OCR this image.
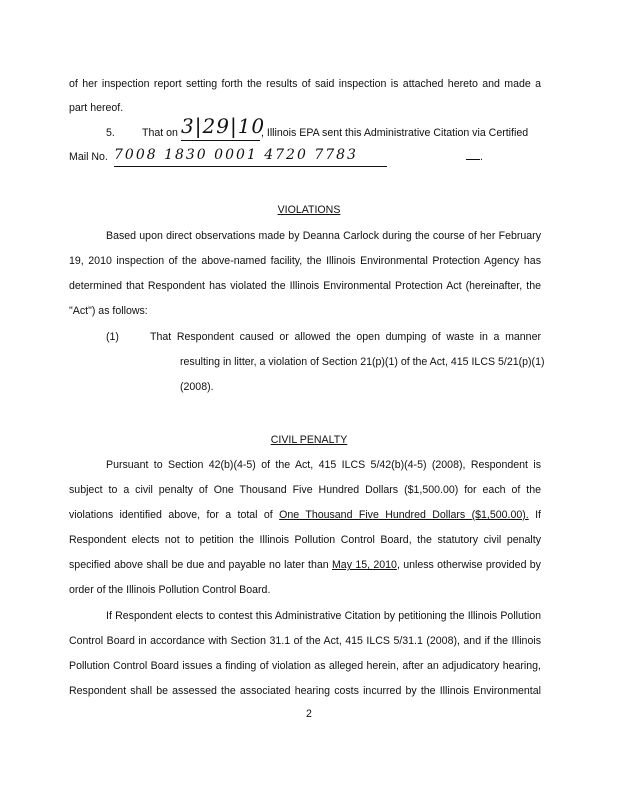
of her inspection report setting forth the results of said inspection is attached hereto and made a
part hereof.
5.	That on 3|29|10
, Illinois EPA sent this Administrative Citation via Certified
Mail No. 7008 1830 0001 4720 7783	.
VIOLATIONS
Based upon direct observations made by Deanna Carlock during the course of her February
19, 2010 inspection of the above-named facility, the Illinois Environmental Protection Agency has
determined that Respondent has violated the Illinois Environmental Protection Act (hereinafter, the
"Act") as follows:
(1)	That Respondent caused or allowed the open dumping of waste in a manner
resulting in litter, a violation of Section 21(p)(1) of the Act, 415 ILCS 5/21(p)(1)
(2008).
CIVIL PENALTY
Pursuant to Section 42(b)(4-5) of the Act, 415 ILCS 5/42(b)(4-5) (2008), Respondent is
subject to a civil penalty of One Thousand Five Hundred Dollars ($1,500.00) for each of the
violations identified above, for a total of One Thousand Five Hundred Dollars ($1,500.00). If
Respondent elects not to petition the Illinois Pollution Control Board, the statutory civil penalty
specified above shall be due and payable no later than May 15, 2010, unless otherwise provided by
order of the Illinois Pollution Control Board.
If Respondent elects to contest this Administrative Citation by petitioning the Illinois Pollution
Control Board in accordance with Section 31.1 of the Act, 415 ILCS 5/31.1 (2008), and if the Illinois
Pollution Control Board issues a finding of violation as alleged herein, after an adjudicatory hearing,
Respondent shall be assessed the associated hearing costs incurred by the Illinois Environmental
2
